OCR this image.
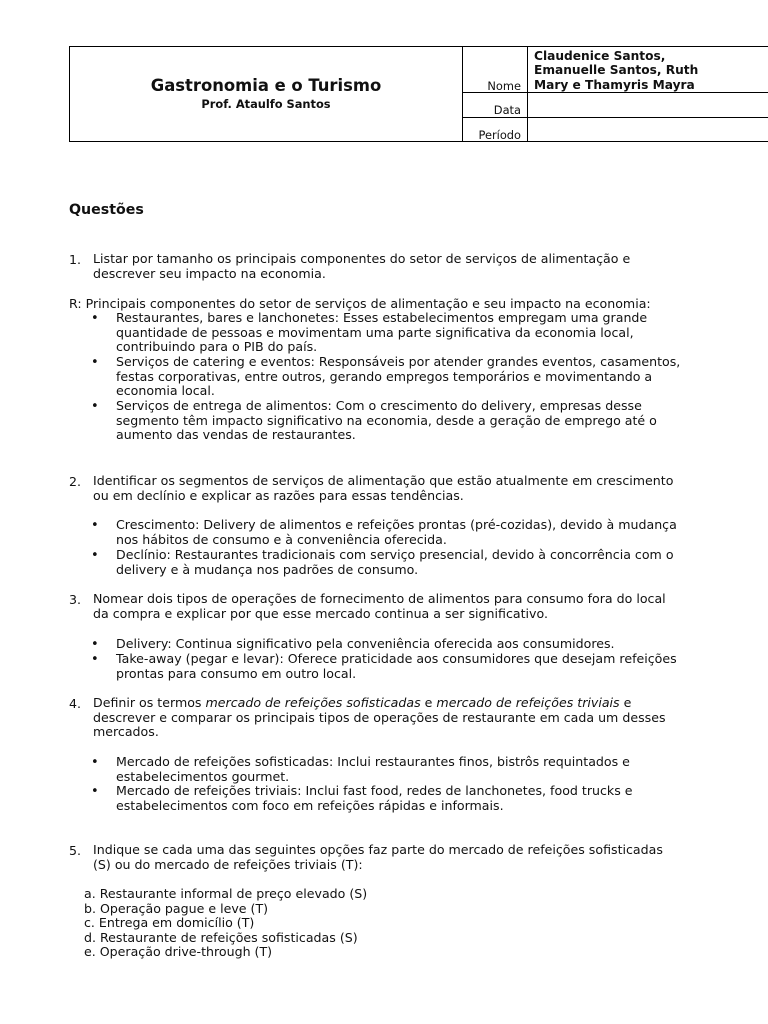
Gastronomia e o Turismo
Prof. Ataulfo Santos
Nome
Data
Período
Claudenice Santos,
Emanuelle Santos, Ruth
Mary e Thamyris Mayra
Questões
1. Listar por tamanho os principais componentes do setor de serviços de alimentação e
descrever seu impacto na economia.
R: Principais componentes do setor de serviços de alimentação e seu impacto na economia:
• Restaurantes, bares e lanchonetes: Esses estabelecimentos empregam uma grande
quantidade de pessoas e movimentam uma parte significativa da economia local,
contribuindo para o PIB do país.
• Serviços de catering e eventos: Responsáveis por atender grandes eventos, casamentos,
festas corporativas, entre outros, gerando empregos temporários e movimentando a
economia local.
• Serviços de entrega de alimentos: Com o crescimento do delivery, empresas desse
segmento têm impacto significativo na economia, desde a geração de emprego até o
aumento das vendas de restaurantes.
2. Identificar os segmentos de serviços de alimentação que estão atualmente em crescimento
ou em declínio e explicar as razões para essas tendências.
• Crescimento: Delivery de alimentos e refeições prontas (pré-cozidas), devido à mudança
nos hábitos de consumo e à conveniência oferecida.
• Declínio: Restaurantes tradicionais com serviço presencial, devido à concorrência com o
delivery e à mudança nos padrões de consumo.
3. Nomear dois tipos de operações de fornecimento de alimentos para consumo fora do local
da compra e explicar por que esse mercado continua a ser significativo.
• Delivery: Continua significativo pela conveniência oferecida aos consumidores.
• Take-away (pegar e levar): Oferece praticidade aos consumidores que desejam refeições
prontas para consumo em outro local.
4. Definir os termos mercado de refeições sofisticadas e mercado de refeições triviais e
descrever e comparar os principais tipos de operações de restaurante em cada um desses
mercados.
• Mercado de refeições sofisticadas: Inclui restaurantes finos, bistrôs requintados e
estabelecimentos gourmet.
• Mercado de refeições triviais: Inclui fast food, redes de lanchonetes, food trucks e
estabelecimentos com foco em refeições rápidas e informais.
5. Indique se cada uma das seguintes opções faz parte do mercado de refeições sofisticadas
(S) ou do mercado de refeições triviais (T):
a. Restaurante informal de preço elevado (S)
b. Operação pague e leve (T)
c. Entrega em domicílio (T)
d. Restaurante de refeições sofisticadas (S)
e. Operação drive-through (T)
